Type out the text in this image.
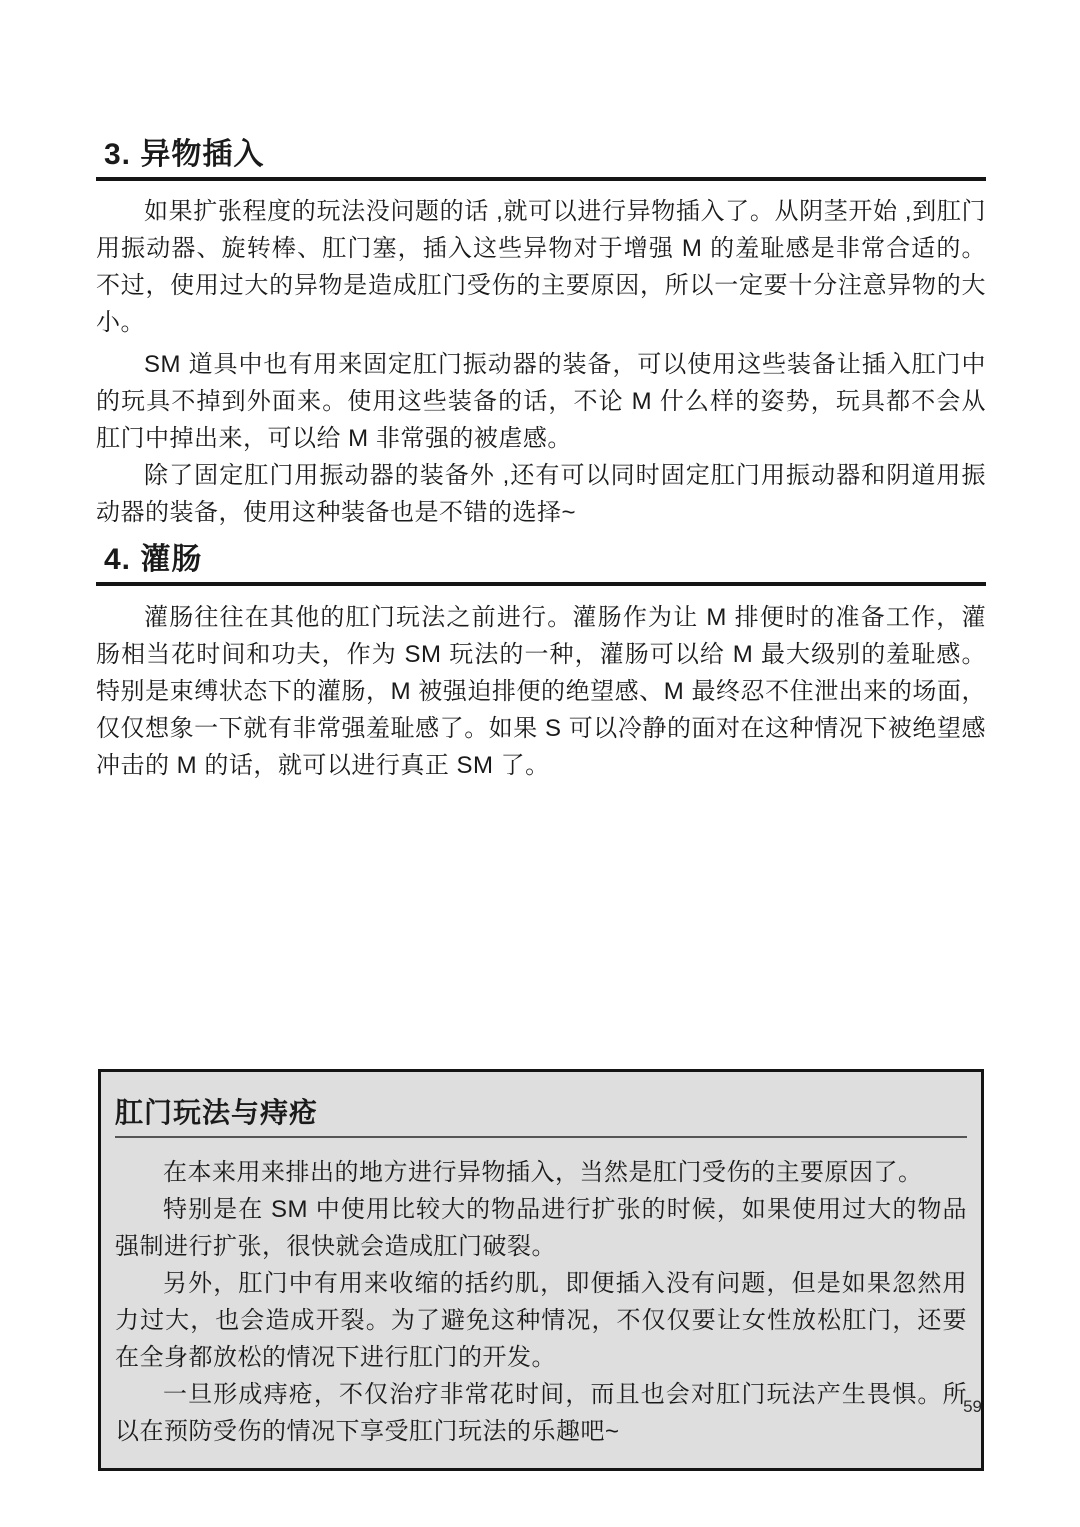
3. 异物插入

如果扩张程度的玩法没问题的话 ,就可以进行异物插入了。从阴茎开始 ,到肛门用振动器、旋转棒、肛门塞，插入这些异物对于增强 M 的羞耻感是非常合适的。不过，使用过大的异物是造成肛门受伤的主要原因，所以一定要十分注意异物的大小。

SM 道具中也有用来固定肛门振动器的装备，可以使用这些装备让插入肛门中的玩具不掉到外面来。使用这些装备的话，不论 M 什么样的姿势，玩具都不会从肛门中掉出来，可以给 M 非常强的被虐感。

除了固定肛门用振动器的装备外 ,还有可以同时固定肛门用振动器和阴道用振动器的装备，使用这种装备也是不错的选择~

4. 灌肠

灌肠往往在其他的肛门玩法之前进行。灌肠作为让 M 排便时的准备工作，灌肠相当花时间和功夫，作为 SM 玩法的一种，灌肠可以给 M 最大级别的羞耻感。特别是束缚状态下的灌肠，M 被强迫排便的绝望感、M 最终忍不住泄出来的场面，仅仅想象一下就有非常强羞耻感了。如果 S 可以冷静的面对在这种情况下被绝望感冲击的 M 的话，就可以进行真正 SM 了。

肛门玩法与痔疮

在本来用来排出的地方进行异物插入，当然是肛门受伤的主要原因了。

特别是在 SM 中使用比较大的物品进行扩张的时候，如果使用过大的物品强制进行扩张，很快就会造成肛门破裂。

另外，肛门中有用来收缩的括约肌，即便插入没有问题，但是如果忽然用力过大，也会造成开裂。为了避免这种情况，不仅仅要让女性放松肛门，还要在全身都放松的情况下进行肛门的开发。

一旦形成痔疮，不仅治疗非常花时间，而且也会对肛门玩法产生畏惧。所以在预防受伤的情况下享受肛门玩法的乐趣吧~

59
